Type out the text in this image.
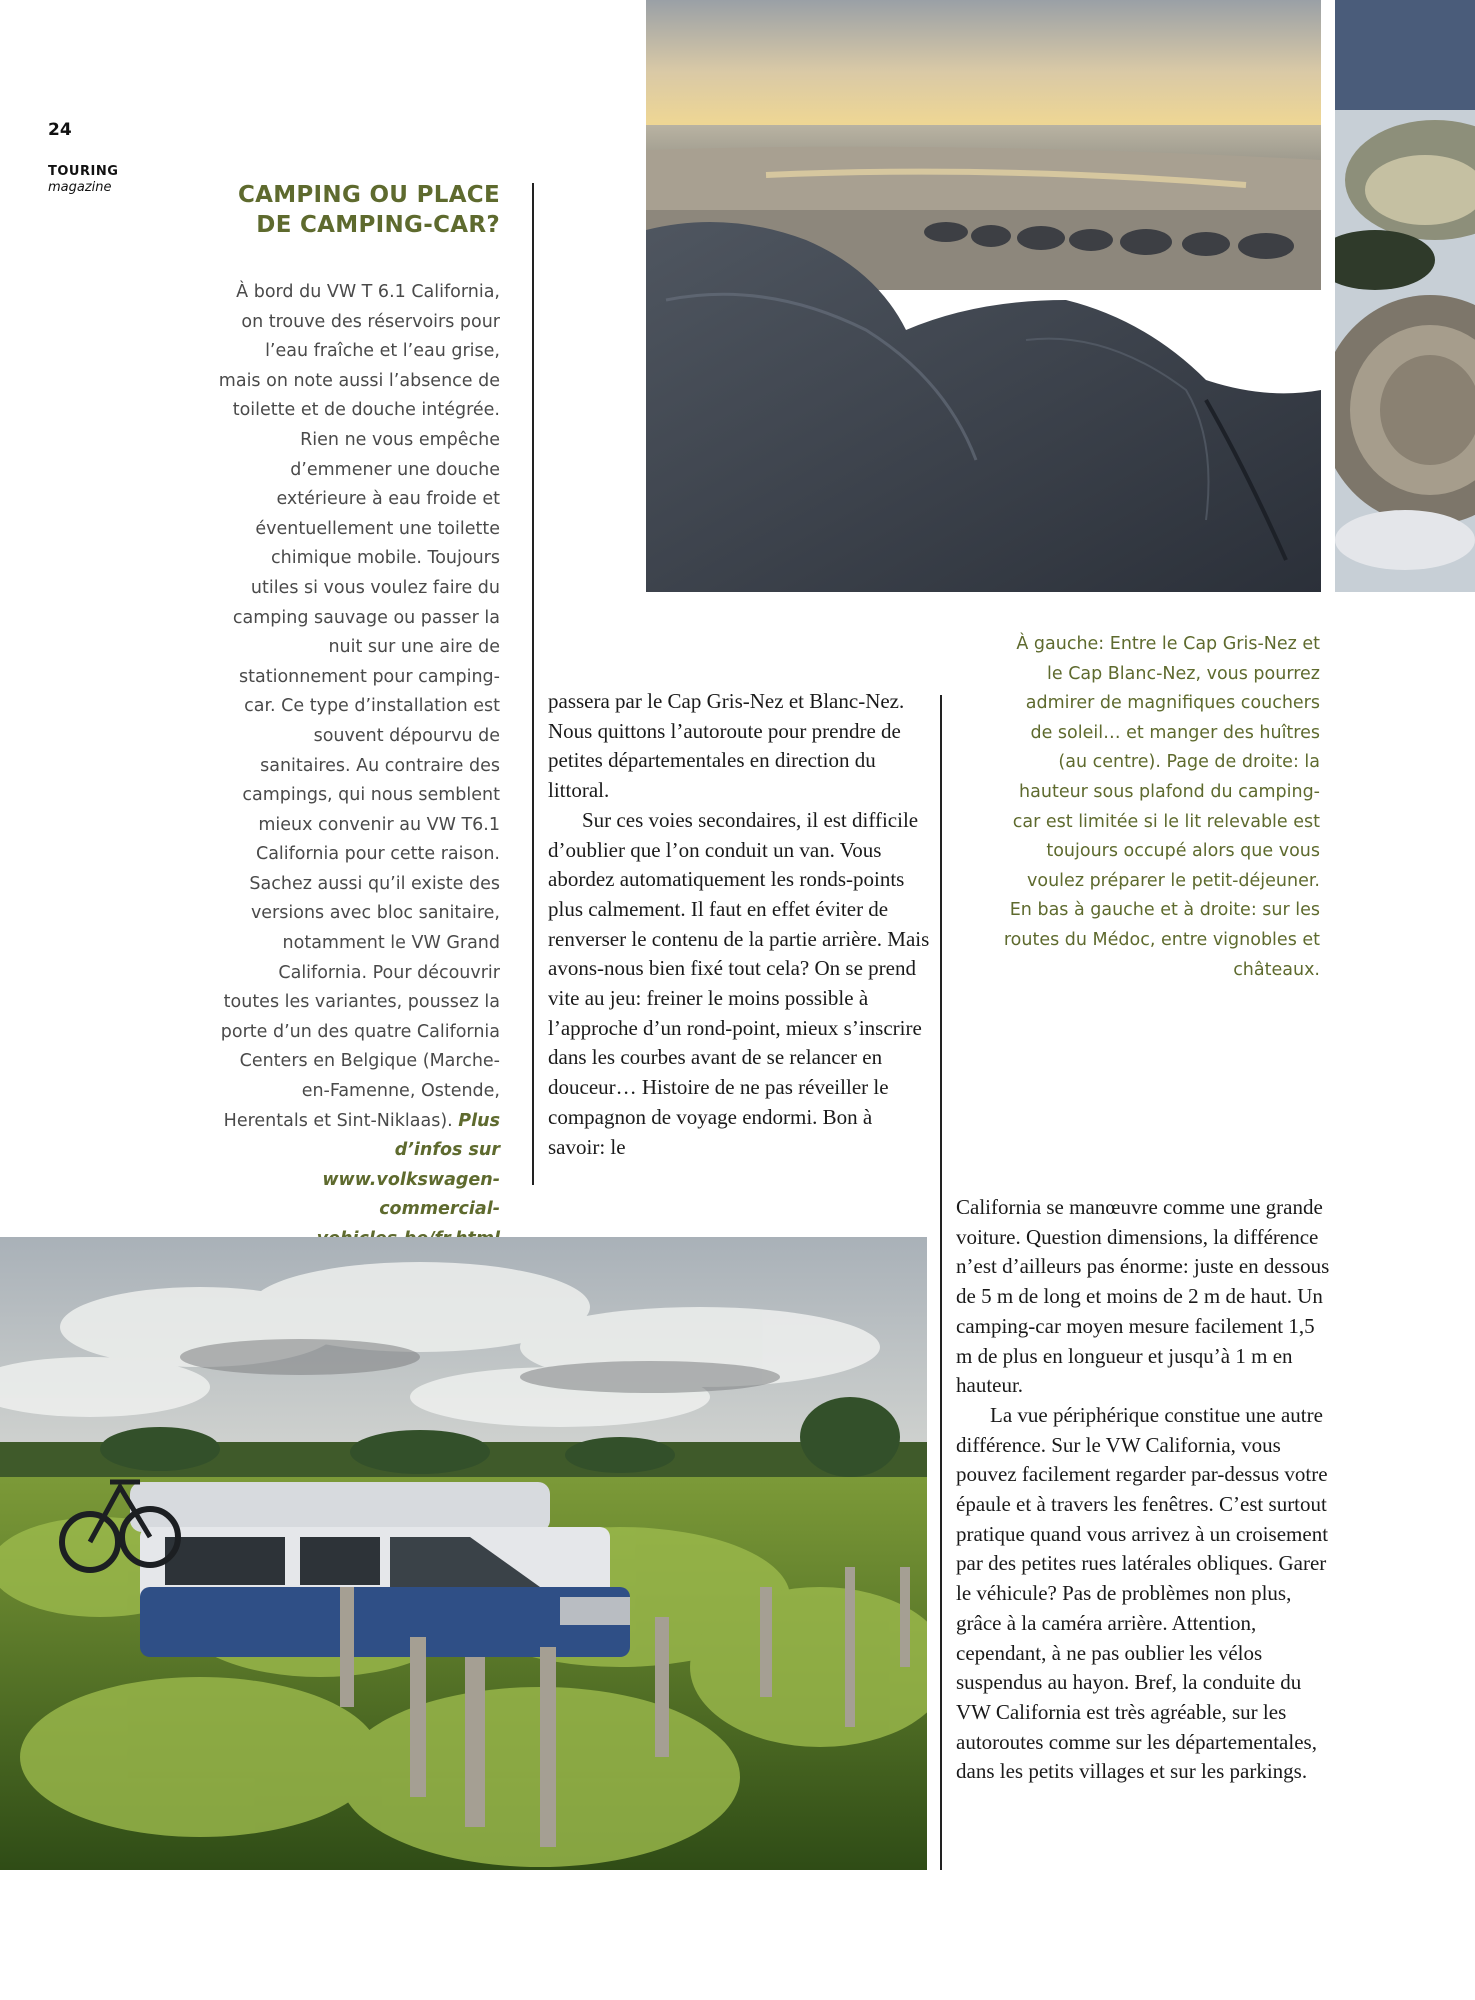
24
TOURING
magazine	CAMPING OU PLACE DE CAMPING-CAR?

À bord du VW T 6.1 California, on trouve des réservoirs pour l’eau fraîche et l’eau grise, mais on note aussi l’absence de toilette et de douche intégrée. Rien ne vous empêche d’emmener une douche extérieure à eau froide et éventuellement une toilette chimique mobile. Toujours utiles si vous voulez faire du camping sauvage ou passer la nuit sur une aire de stationnement pour camping-car. Ce type d’installation est souvent dépourvu de sanitaires. Au contraire des campings, qui nous semblent mieux convenir au VW T6.1 California pour cette raison. Sachez aussi qu’il existe des versions avec bloc sanitaire, notamment le VW Grand California. Pour découvrir toutes les variantes, poussez la porte d’un des quatre California Centers en Belgique (Marche-en-Famenne, Ostende, Herentals et Sint-Niklaas). Plus d’infos sur www.volkswagen-commercial-

À gauche: Entre le Cap Gris-Nez et le Cap Blanc-Nez, vous pourrez admirer de magnifiques couchers de soleil… et manger des huîtres (au centre). Page de droite: la hauteur sous plafond du camping-car est limitée si le lit relevable est toujours occupé alors que vous voulez préparer le petit-déjeuner. En bas à gauche et à droite: sur les routes du Médoc, entre vignobles et châteaux.

passera par le Cap Gris-Nez et Blanc-Nez. Nous quittons l’autoroute pour prendre de petites départementales en direction du littoral.

Sur ces voies secondaires, il est difficile d’oublier que l’on conduit un van. Vous abordez automatiquement les ronds-points plus calmement. Il faut en effet éviter de renverser le contenu de la partie arrière. Mais avons-nous bien fixé tout cela? On se prend vite au jeu: freiner le moins possible à l’approche d’un rond-point, mieux s’inscrire dans les courbes avant de se relancer en douceur… Histoire de ne pas réveiller le compagnon de voyage endormi. Bon à savoir: le

California se manœuvre comme une grande voiture. Question dimensions, la différence n’est d’ailleurs pas énorme: juste en dessous de 5 m de long et moins de 2 m de haut. Un camping-car moyen mesure facilement 1,5 m de plus en longueur et jusqu’à 1 m en hauteur.

La vue périphérique constitue une autre différence. Sur le VW California, vous pouvez facilement regarder par-dessus votre épaule et à travers les fenêtres. C’est surtout pratique quand vous arrivez à un croisement par des petites rues latérales obliques. Garer le véhicule? Pas de problèmes non plus, grâce à la caméra arrière. Attention, cependant, à ne pas oublier les vélos suspendus au hayon. Bref, la conduite du VW California est très agréable, sur les autoroutes comme sur les départementales, dans les petits villages et sur les parkings.
